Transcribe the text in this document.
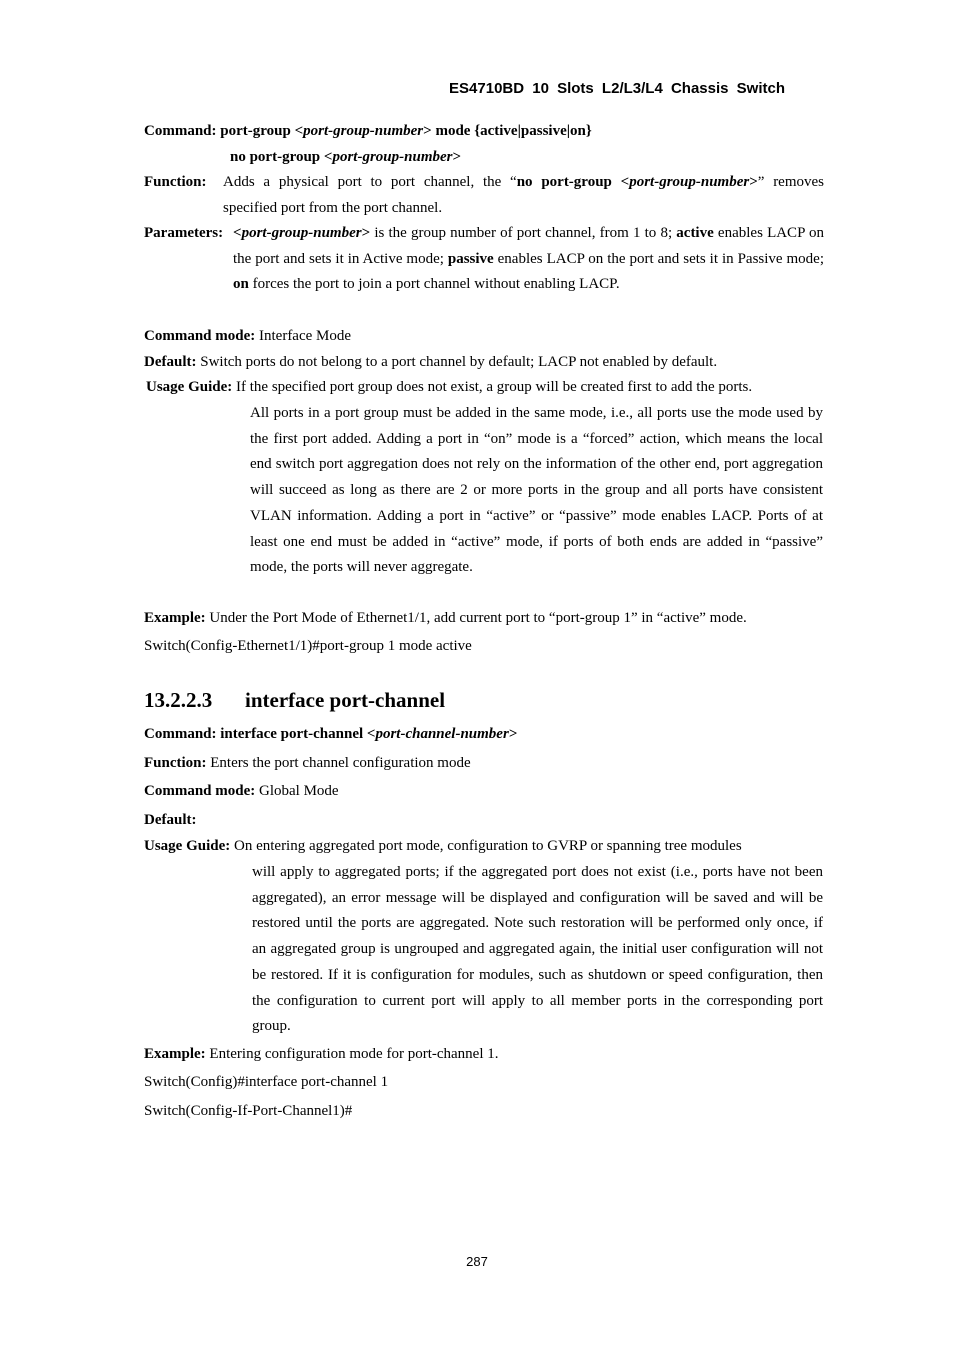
ES4710BD 10 Slots L2/L3/L4 Chassis Switch
Command: port-group <port-group-number> mode {active|passive|on}
no port-group <port-group-number>
Function:	Adds a physical port to port channel, the “no port-group <port-group-number>” removes specified port from the port channel.
Parameters: <port-group-number> is the group number of port channel, from 1 to 8; active enables LACP on the port and sets it in Active mode; passive enables LACP on the port and sets it in Passive mode; on forces the port to join a port channel without enabling LACP.
Command mode: Interface Mode
Default: Switch ports do not belong to a port channel by default; LACP not enabled by default.
Usage Guide: If the specified port group does not exist, a group will be created first to add the ports.
All ports in a port group must be added in the same mode, i.e., all ports use the mode used by the first port added. Adding a port in “on” mode is a “forced” action, which means the local end switch port aggregation does not rely on the information of the other end, port aggregation will succeed as long as there are 2 or more ports in the group and all ports have consistent VLAN information. Adding a port in “active” or “passive” mode enables LACP. Ports of at least one end must be added in “active” mode, if ports of both ends are added in “passive” mode, the ports will never aggregate.
Example: Under the Port Mode of Ethernet1/1, add current port to “port-group 1” in “active” mode.
Switch(Config-Ethernet1/1)#port-group 1 mode active
13.2.2.3 interface port-channel
Command: interface port-channel <port-channel-number>
Function: Enters the port channel configuration mode
Command mode: Global Mode
Default:
Usage Guide: On entering aggregated port mode, configuration to GVRP or spanning tree modules
will apply to aggregated ports; if the aggregated port does not exist (i.e., ports have not been aggregated), an error message will be displayed and configuration will be saved and will be restored until the ports are aggregated. Note such restoration will be performed only once, if an aggregated group is ungrouped and aggregated again, the initial user configuration will not be restored. If it is configuration for modules, such as shutdown or speed configuration, then the configuration to current port will apply to all member ports in the corresponding port group.
Example: Entering configuration mode for port-channel 1.
Switch(Config)#interface port-channel 1
Switch(Config-If-Port-Channel1)#
287
